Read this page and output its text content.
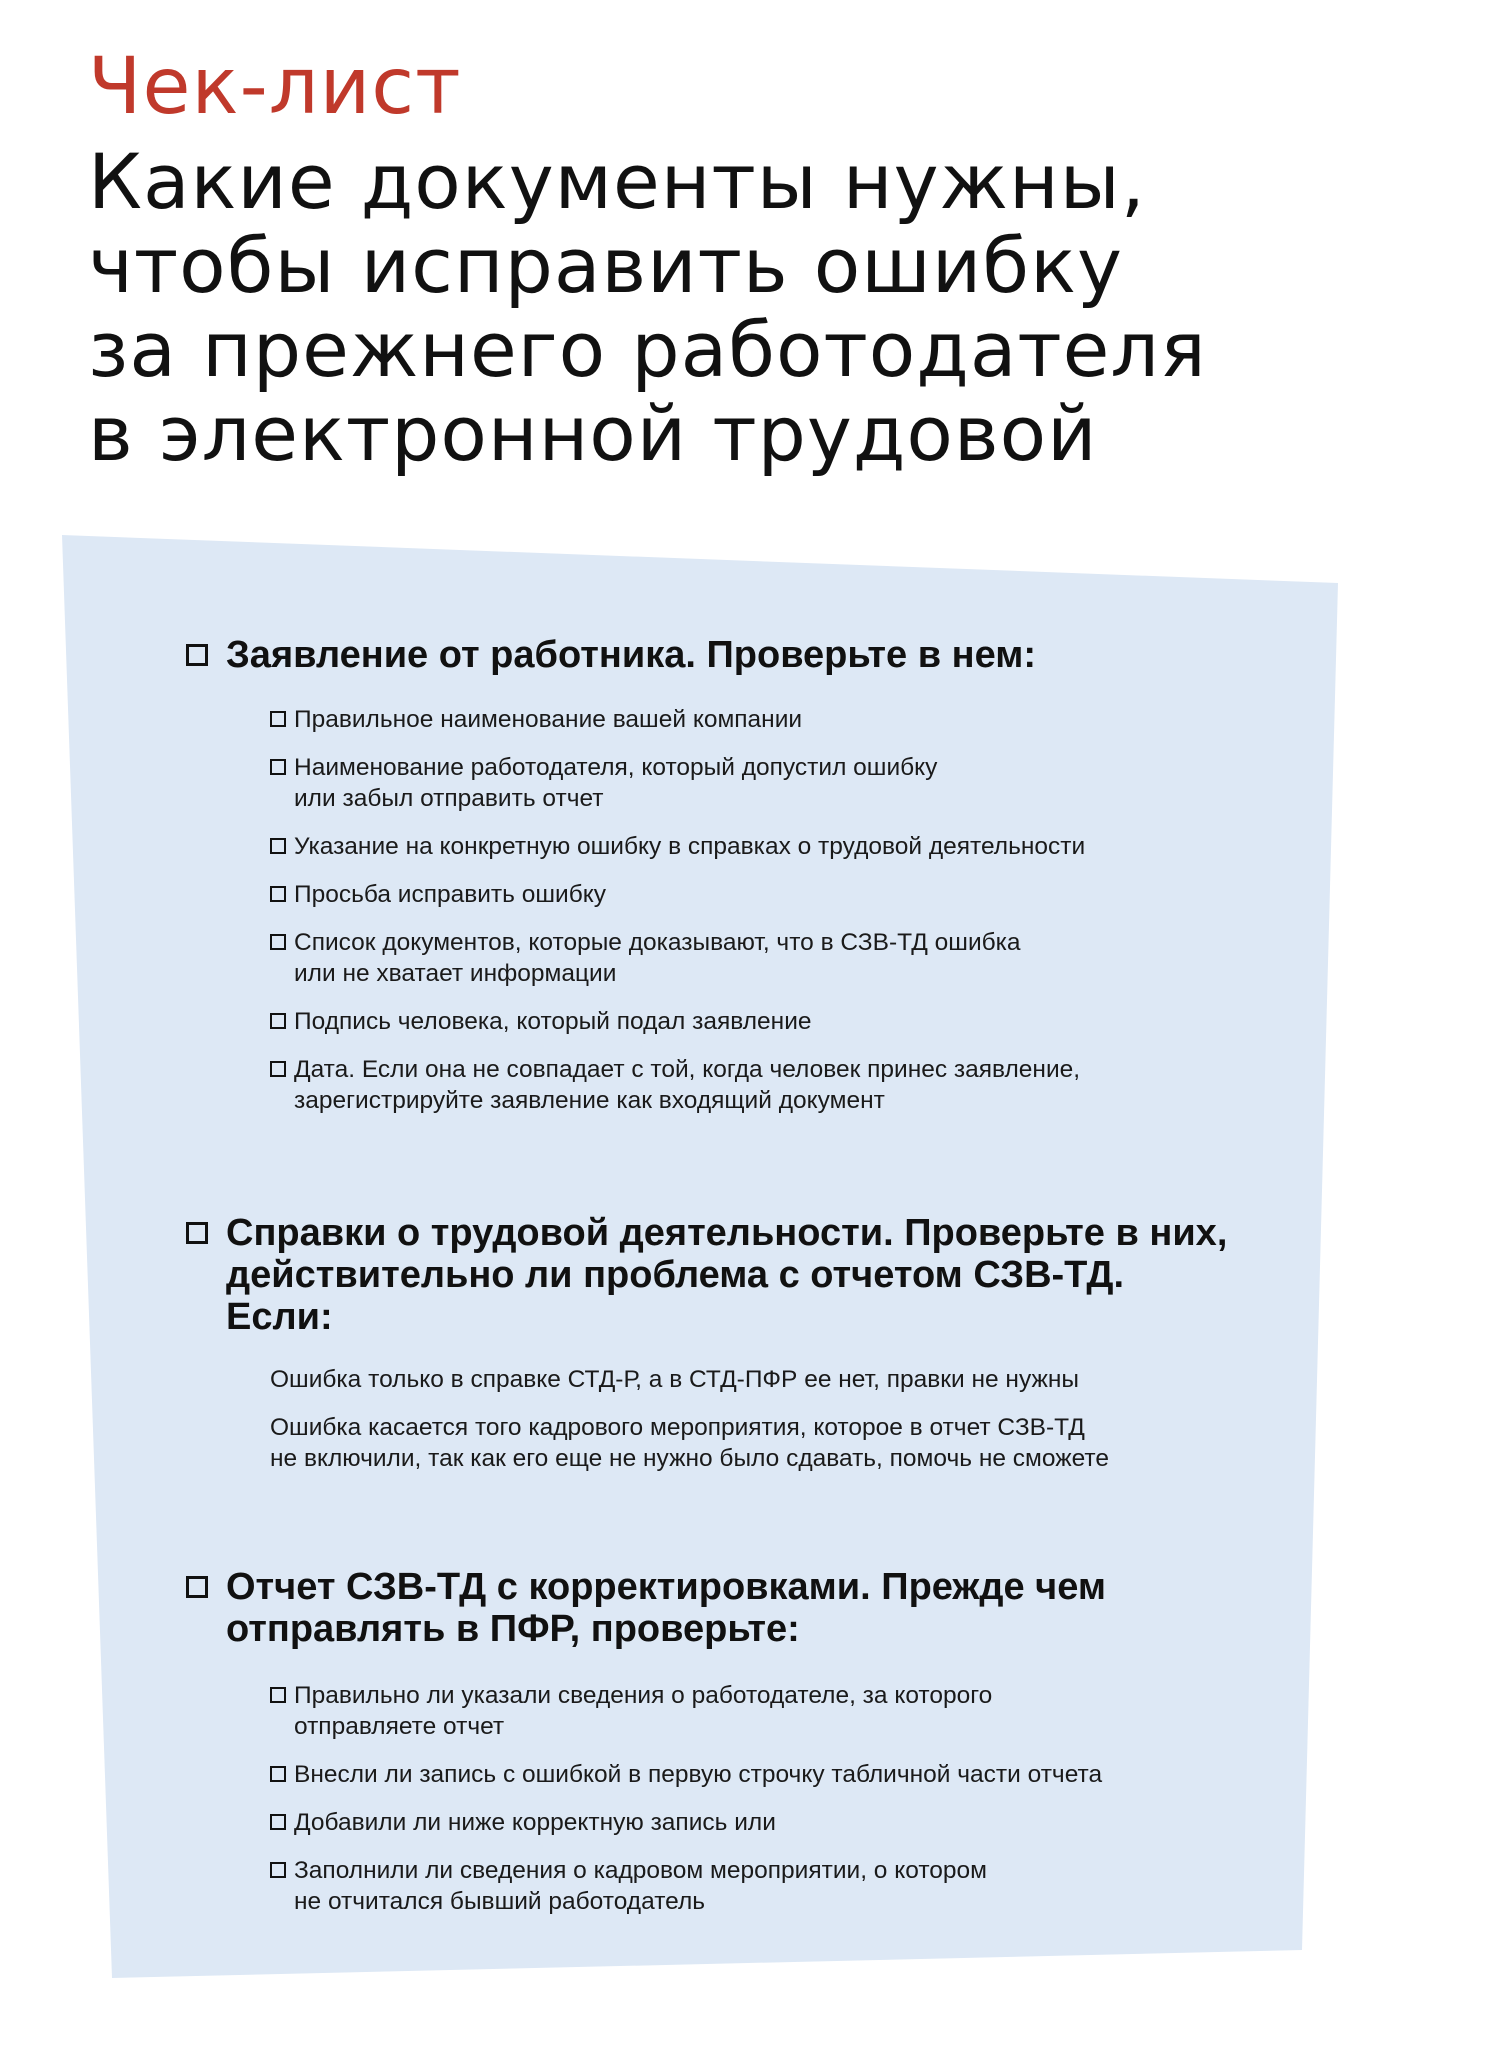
Чек-лист
Какие документы нужны,
чтобы исправить ошибку
за прежнего работодателя
в электронной трудовой
Заявление от работника. Проверьте в нем:
Правильное наименование вашей компании
Наименование работодателя, который допустил ошибку
или забыл отправить отчет
Указание на конкретную ошибку в справках о трудовой деятельности
Просьба исправить ошибку
Список документов, которые доказывают, что в СЗВ-ТД ошибка
или не хватает информации
Подпись человека, который подал заявление
Дата. Если она не совпадает с той, когда человек принес заявление,
зарегистрируйте заявление как входящий документ
Справки о трудовой деятельности. Проверьте в них,
действительно ли проблема с отчетом СЗВ-ТД.
Если:

Ошибка только в справке СТД-Р, а в СТД-ПФР ее нет, правки не нужны

Ошибка касается того кадрового мероприятия, которое в отчет СЗВ-ТД
не включили, так как его еще не нужно было сдавать, помочь не сможете

Отчет СЗВ-ТД с корректировками. Прежде чем
отправлять в ПФР, проверьте:
Правильно ли указали сведения о работодателе, за которого
отправляете отчет
Внесли ли запись с ошибкой в первую строчку табличной части отчета
Добавили ли ниже корректную запись или
Заполнили ли сведения о кадровом мероприятии, о котором
не отчитался бывший работодатель
